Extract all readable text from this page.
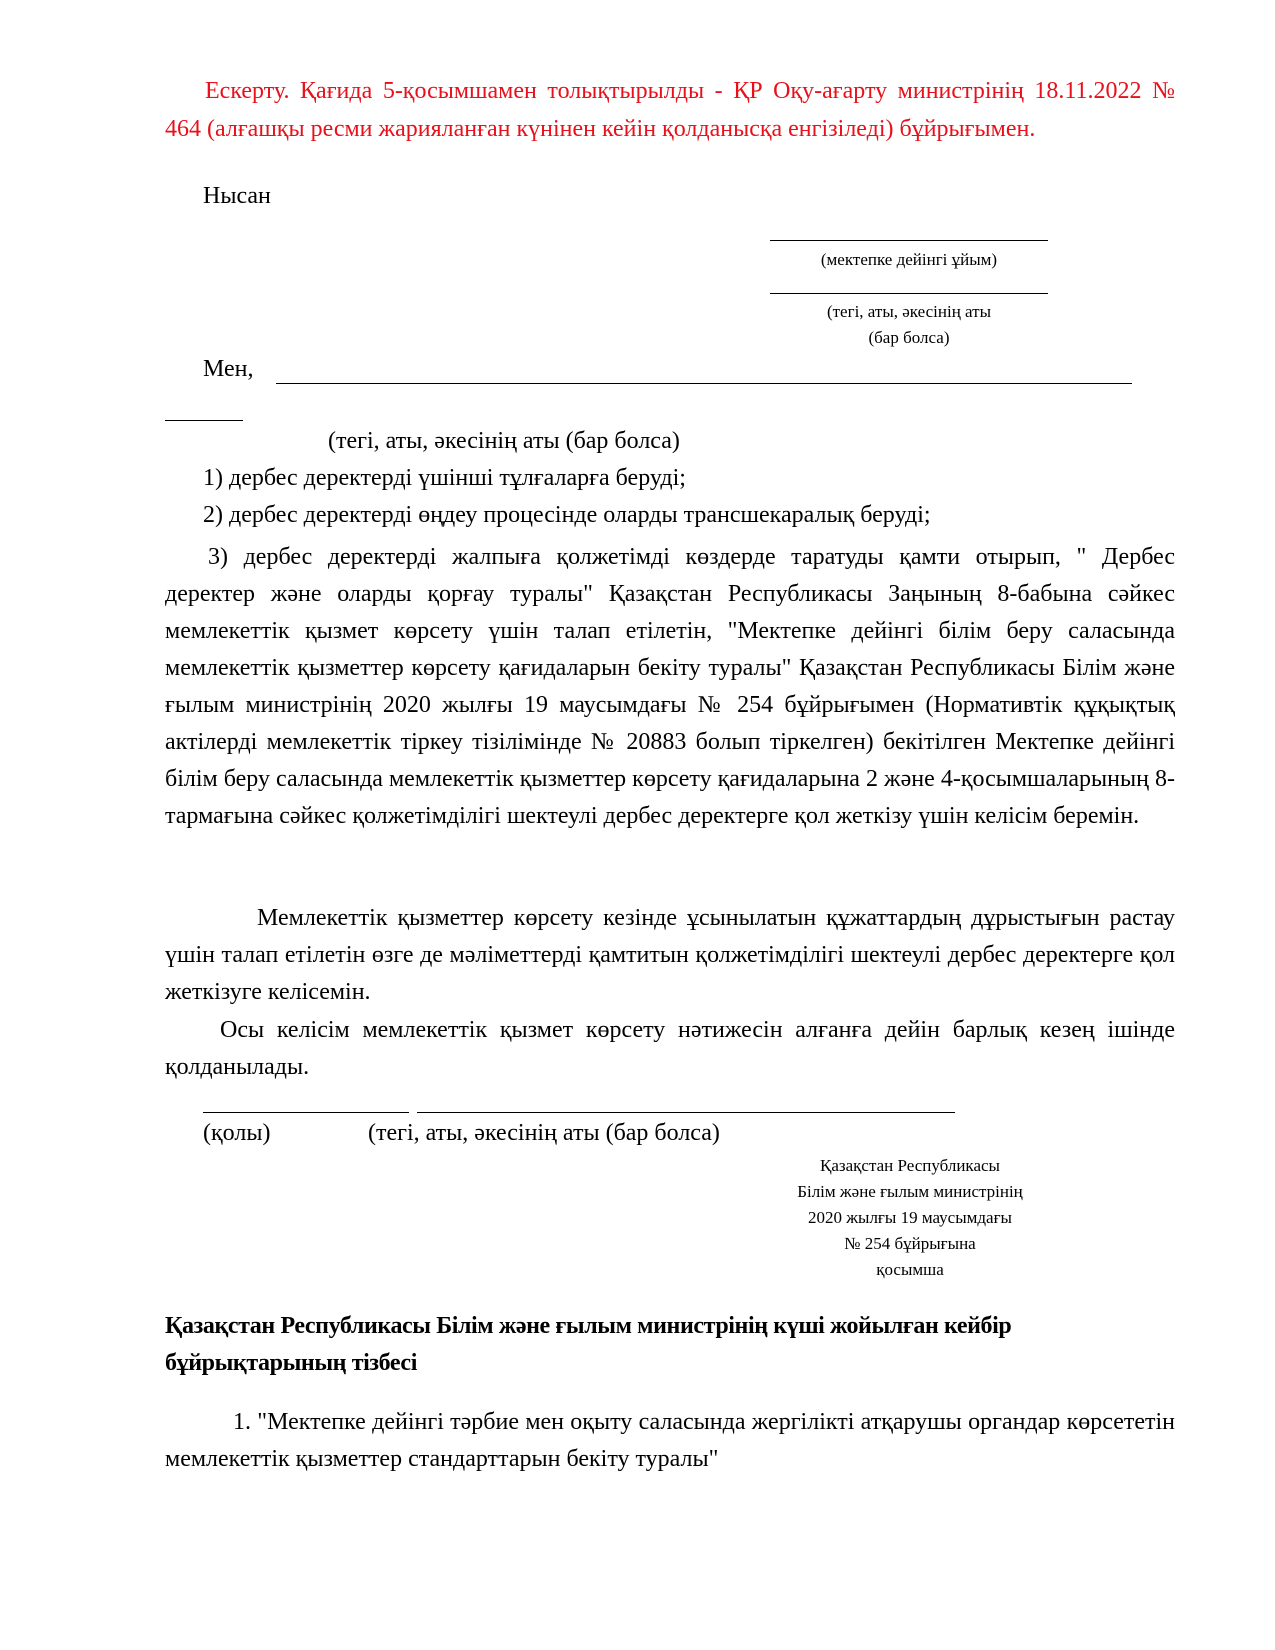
Ескерту. Қағида 5-қосымшамен толықтырылды - ҚР Оқу-ағарту министрінің 18.11.2022 № 464 (алғашқы ресми жарияланған күнінен кейін қолданысқа енгізіледі) бұйрығымен.
Нысан
(мектепке дейінгі ұйым)
(тегі, аты, әкесінің аты
(бар болса)
Мен,
(тегі, аты, әкесінің аты (бар болса)
1) дербес деректерді үшінші тұлғаларға беруді;
2) дербес деректерді өңдеу процесінде оларды трансшекаралық беруді;
3) дербес деректерді жалпыға қолжетімді көздерде таратуды қамти отырып, " Дербес деректер және оларды қорғау туралы" Қазақстан Республикасы Заңының 8-бабына сәйкес мемлекеттік қызмет көрсету үшін талап етілетін, "Мектепке дейінгі білім беру саласында мемлекеттік қызметтер көрсету қағидаларын бекіту туралы" Қазақстан Республикасы Білім және ғылым министрінің 2020 жылғы 19 маусымдағы № 254 бұйрығымен (Нормативтік құқықтық актілерді мемлекеттік тіркеу тізілімінде № 20883 болып тіркелген) бекітілген Мектепке дейінгі білім беру саласында мемлекеттік қызметтер көрсету қағидаларына 2 және 4-қосымшаларының 8-тармағына сәйкес қолжетімділігі шектеулі дербес деректерге қол жеткізу үшін келісім беремін.
Мемлекеттік қызметтер көрсету кезінде ұсынылатын құжаттардың дұрыстығын растау үшін талап етілетін өзге де мәліметтерді қамтитын қолжетімділігі шектеулі дербес деректерге қол жеткізуге келісемін.
Осы келісім мемлекеттік қызмет көрсету нәтижесін алғанға дейін барлық кезең ішінде қолданылады.
(қолы)	(тегі, аты, әкесінің аты (бар болса)
Қазақстан Республикасы
Білім және ғылым министрінің
2020 жылғы 19 маусымдағы
№ 254 бұйрығына
қосымша
Қазақстан Республикасы Білім және ғылым министрінің күші жойылған кейбір бұйрықтарының тізбесі
1. "Мектепке дейінгі тәрбие мен оқыту саласында жергілікті атқарушы органдар көрсететін мемлекеттік қызметтер стандарттарын бекіту туралы"
